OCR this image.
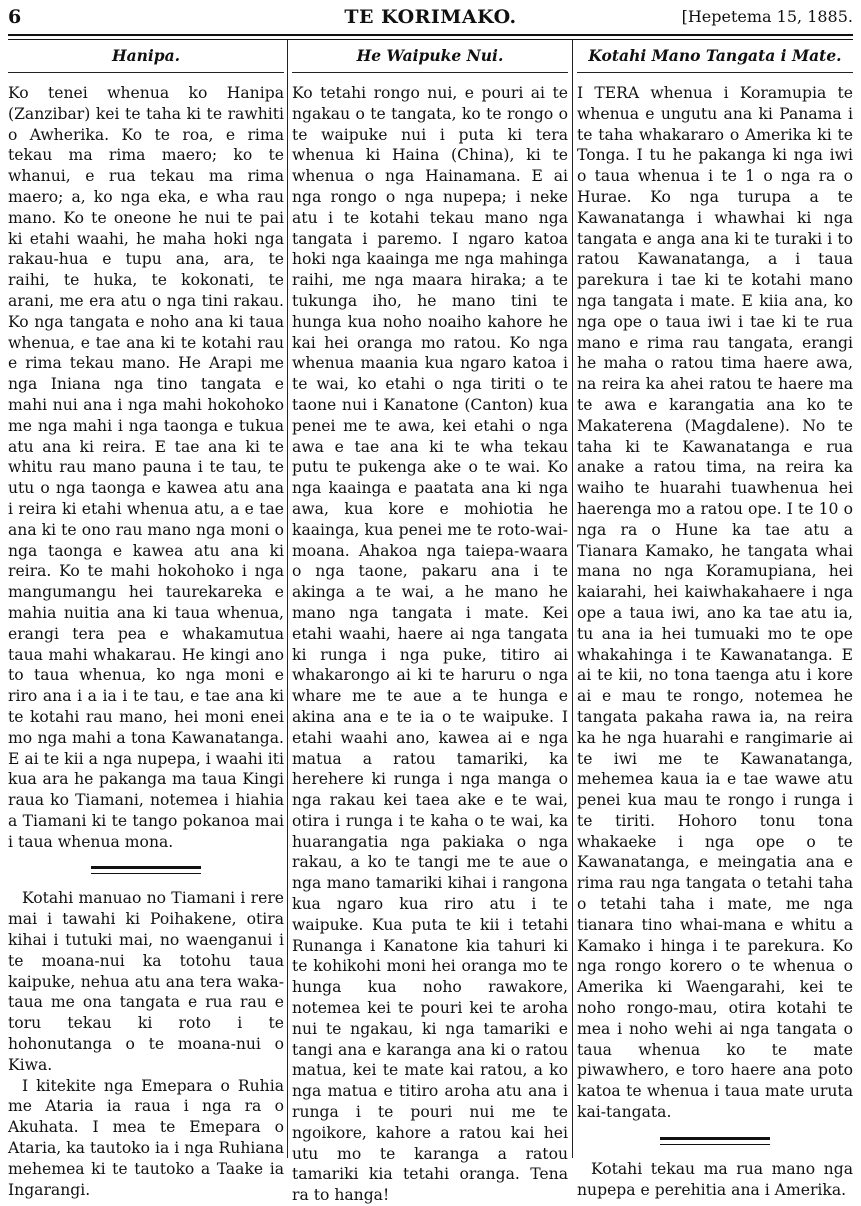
6	TE KORIMAKO.	[Hepetema 15, 1885.
Hanipa.

Ko tenei whenua ko Hanipa (Zanzibar) kei te taha ki te rawhiti o Awherika. Ko te roa, e rima tekau ma rima maero; ko te whanui, e rua tekau ma rima maero; a, ko nga eka, e wha rau mano. Ko te oneone he nui te pai ki etahi waahi, he maha hoki nga rakau-hua e tupu ana, ara, te raihi, te huka, te kokonati, te arani, me era atu o nga tini rakau. Ko nga tangata e noho ana ki taua whenua, e tae ana ki te kotahi rau e rima tekau mano. He Arapi me nga Iniana nga tino tangata e mahi nui ana i nga mahi hokohoko me nga mahi i nga taonga e tukua atu ana ki reira. E tae ana ki te whitu rau mano pauna i te tau, te utu o nga taonga e kawea atu ana i reira ki etahi whenua atu, a e tae ana ki te ono rau mano nga moni o nga taonga e kawea atu ana ki reira. Ko te mahi hokohoko i nga mangumangu hei taurekareka e mahia nuitia ana ki taua whenua, erangi tera pea e whakamutua taua mahi whakarau. He kingi ano to taua whenua, ko nga moni e riro ana i a ia i te tau, e tae ana ki te kotahi rau mano, hei moni enei mo nga mahi a tona Kawanatanga. E ai te kii a nga nupepa, i waahi iti kua ara he pakanga ma taua Kingi raua ko Tiamani, notemea i hiahia a Tiamani ki te tango pokanoa mai i taua whenua mona.

Kotahi manuao no Tiamani i rere mai i tawahi ki Poihakene, otira kihai i tutuki mai, no waenganui i te moana-nui ka totohu taua kaipuke, nehua atu ana tera waka-taua me ona tangata e rua rau e toru tekau ki roto i te hohonutanga o te moana-nui o Kiwa.

I kitekite nga Emepara o Ruhia me Ataria ia raua i nga ra o Akuhata. I mea te Emepara o Ataria, ka tautoko ia i nga Ruhiana mehemea ki te tautoko a Taake ia Ingarangi.

He Waipuke Nui.

Ko tetahi rongo nui, e pouri ai te ngakau o te tangata, ko te rongo o te waipuke nui i puta ki tera whenua ki Haina (China), ki te whenua o nga Hainamana. E ai nga rongo o nga nupepa; i neke atu i te kotahi tekau mano nga tangata i paremo. I ngaro katoa hoki nga kaainga me nga mahinga raihi, me nga maara hiraka; a te tukunga iho, he mano tini te hunga kua noho noaiho kahore he kai hei oranga mo ratou. Ko nga whenua maania kua ngaro katoa i te wai, ko etahi o nga tiriti o te taone nui i Kanatone (Canton) kua penei me te awa, kei etahi o nga awa e tae ana ki te wha tekau putu te pukenga ake o te wai. Ko nga kaainga e paatata ana ki nga awa, kua kore e mohiotia he kaainga, kua penei me te roto-wai-moana. Ahakoa nga taiepa-waara o nga taone, pakaru ana i te akinga a te wai, a he mano he mano nga tangata i mate. Kei etahi waahi, haere ai nga tangata ki runga i nga puke, titiro ai whakarongo ai ki te haruru o nga whare me te aue a te hunga e akina ana e te ia o te waipuke. I etahi waahi ano, kawea ai e nga matua a ratou tamariki, ka herehere ki runga i nga manga o nga rakau kei taea ake e te wai, otira i runga i te kaha o te wai, ka huarangatia nga pakiaka o nga rakau, a ko te tangi me te aue o nga mano tamariki kihai i rangona kua ngaro kua riro atu i te waipuke. Kua puta te kii i tetahi Runanga i Kanatone kia tahuri ki te kohikohi moni hei oranga mo te hunga kua noho rawakore, notemea kei te pouri kei te aroha nui te ngakau, ki nga tamariki e tangi ana e karanga ana ki o ratou matua, kei te mate kai ratou, a ko nga matua e titiro aroha atu ana i runga i te pouri nui me te ngoikore, kahore a ratou kai hei utu mo te karanga a ratou tamariki kia tetahi oranga. Tena ra to hanga!

Kotahi Mano Tangata i Mate.

I TERA whenua i Koramupia te whenua e ungutu ana ki Panama i te taha whakararo o Amerika ki te Tonga. I tu he pakanga ki nga iwi o taua whenua i te 1 o nga ra o Hurae. Ko nga turupa a te Kawanatanga i whawhai ki nga tangata e anga ana ki te turaki i to ratou Kawanatanga, a i taua parekura i tae ki te kotahi mano nga tangata i mate. E kiia ana, ko nga ope o taua iwi i tae ki te rua mano e rima rau tangata, erangi he maha o ratou tima haere awa, na reira ka ahei ratou te haere ma te awa e karangatia ana ko te Makaterena (Magdalene). No te taha ki te Kawanatanga e rua anake a ratou tima, na reira ka waiho te huarahi tuawhenua hei haerenga mo a ratou ope. I te 10 o nga ra o Hune ka tae atu a Tianara Kamako, he tangata whai mana no nga Koramupiana, hei kaiarahi, hei kaiwhakahaere i nga ope a taua iwi, ano ka tae atu ia, tu ana ia hei tumuaki mo te ope whakahinga i te Kawanatanga. E ai te kii, no tona taenga atu i kore ai e mau te rongo, notemea he tangata pakaha rawa ia, na reira ka he nga huarahi e rangimarie ai te iwi me te Kawanatanga, mehemea kaua ia e tae wawe atu penei kua mau te rongo i runga i te tiriti. Hohoro tonu tona whakaeke i nga ope o te Kawanatanga, e meingatia ana e rima rau nga tangata o tetahi taha o tetahi taha i mate, me nga tianara tino whai-mana e whitu a Kamako i hinga i te parekura. Ko nga rongo korero o te whenua o Amerika ki Waengarahi, kei te noho rongo-mau, otira kotahi te mea i noho wehi ai nga tangata o taua whenua ko te mate piwawhero, e toro haere ana poto katoa te whenua i taua mate uruta kai-tangata.

Kotahi tekau ma rua mano nga nupepa e perehitia ana i Amerika.
